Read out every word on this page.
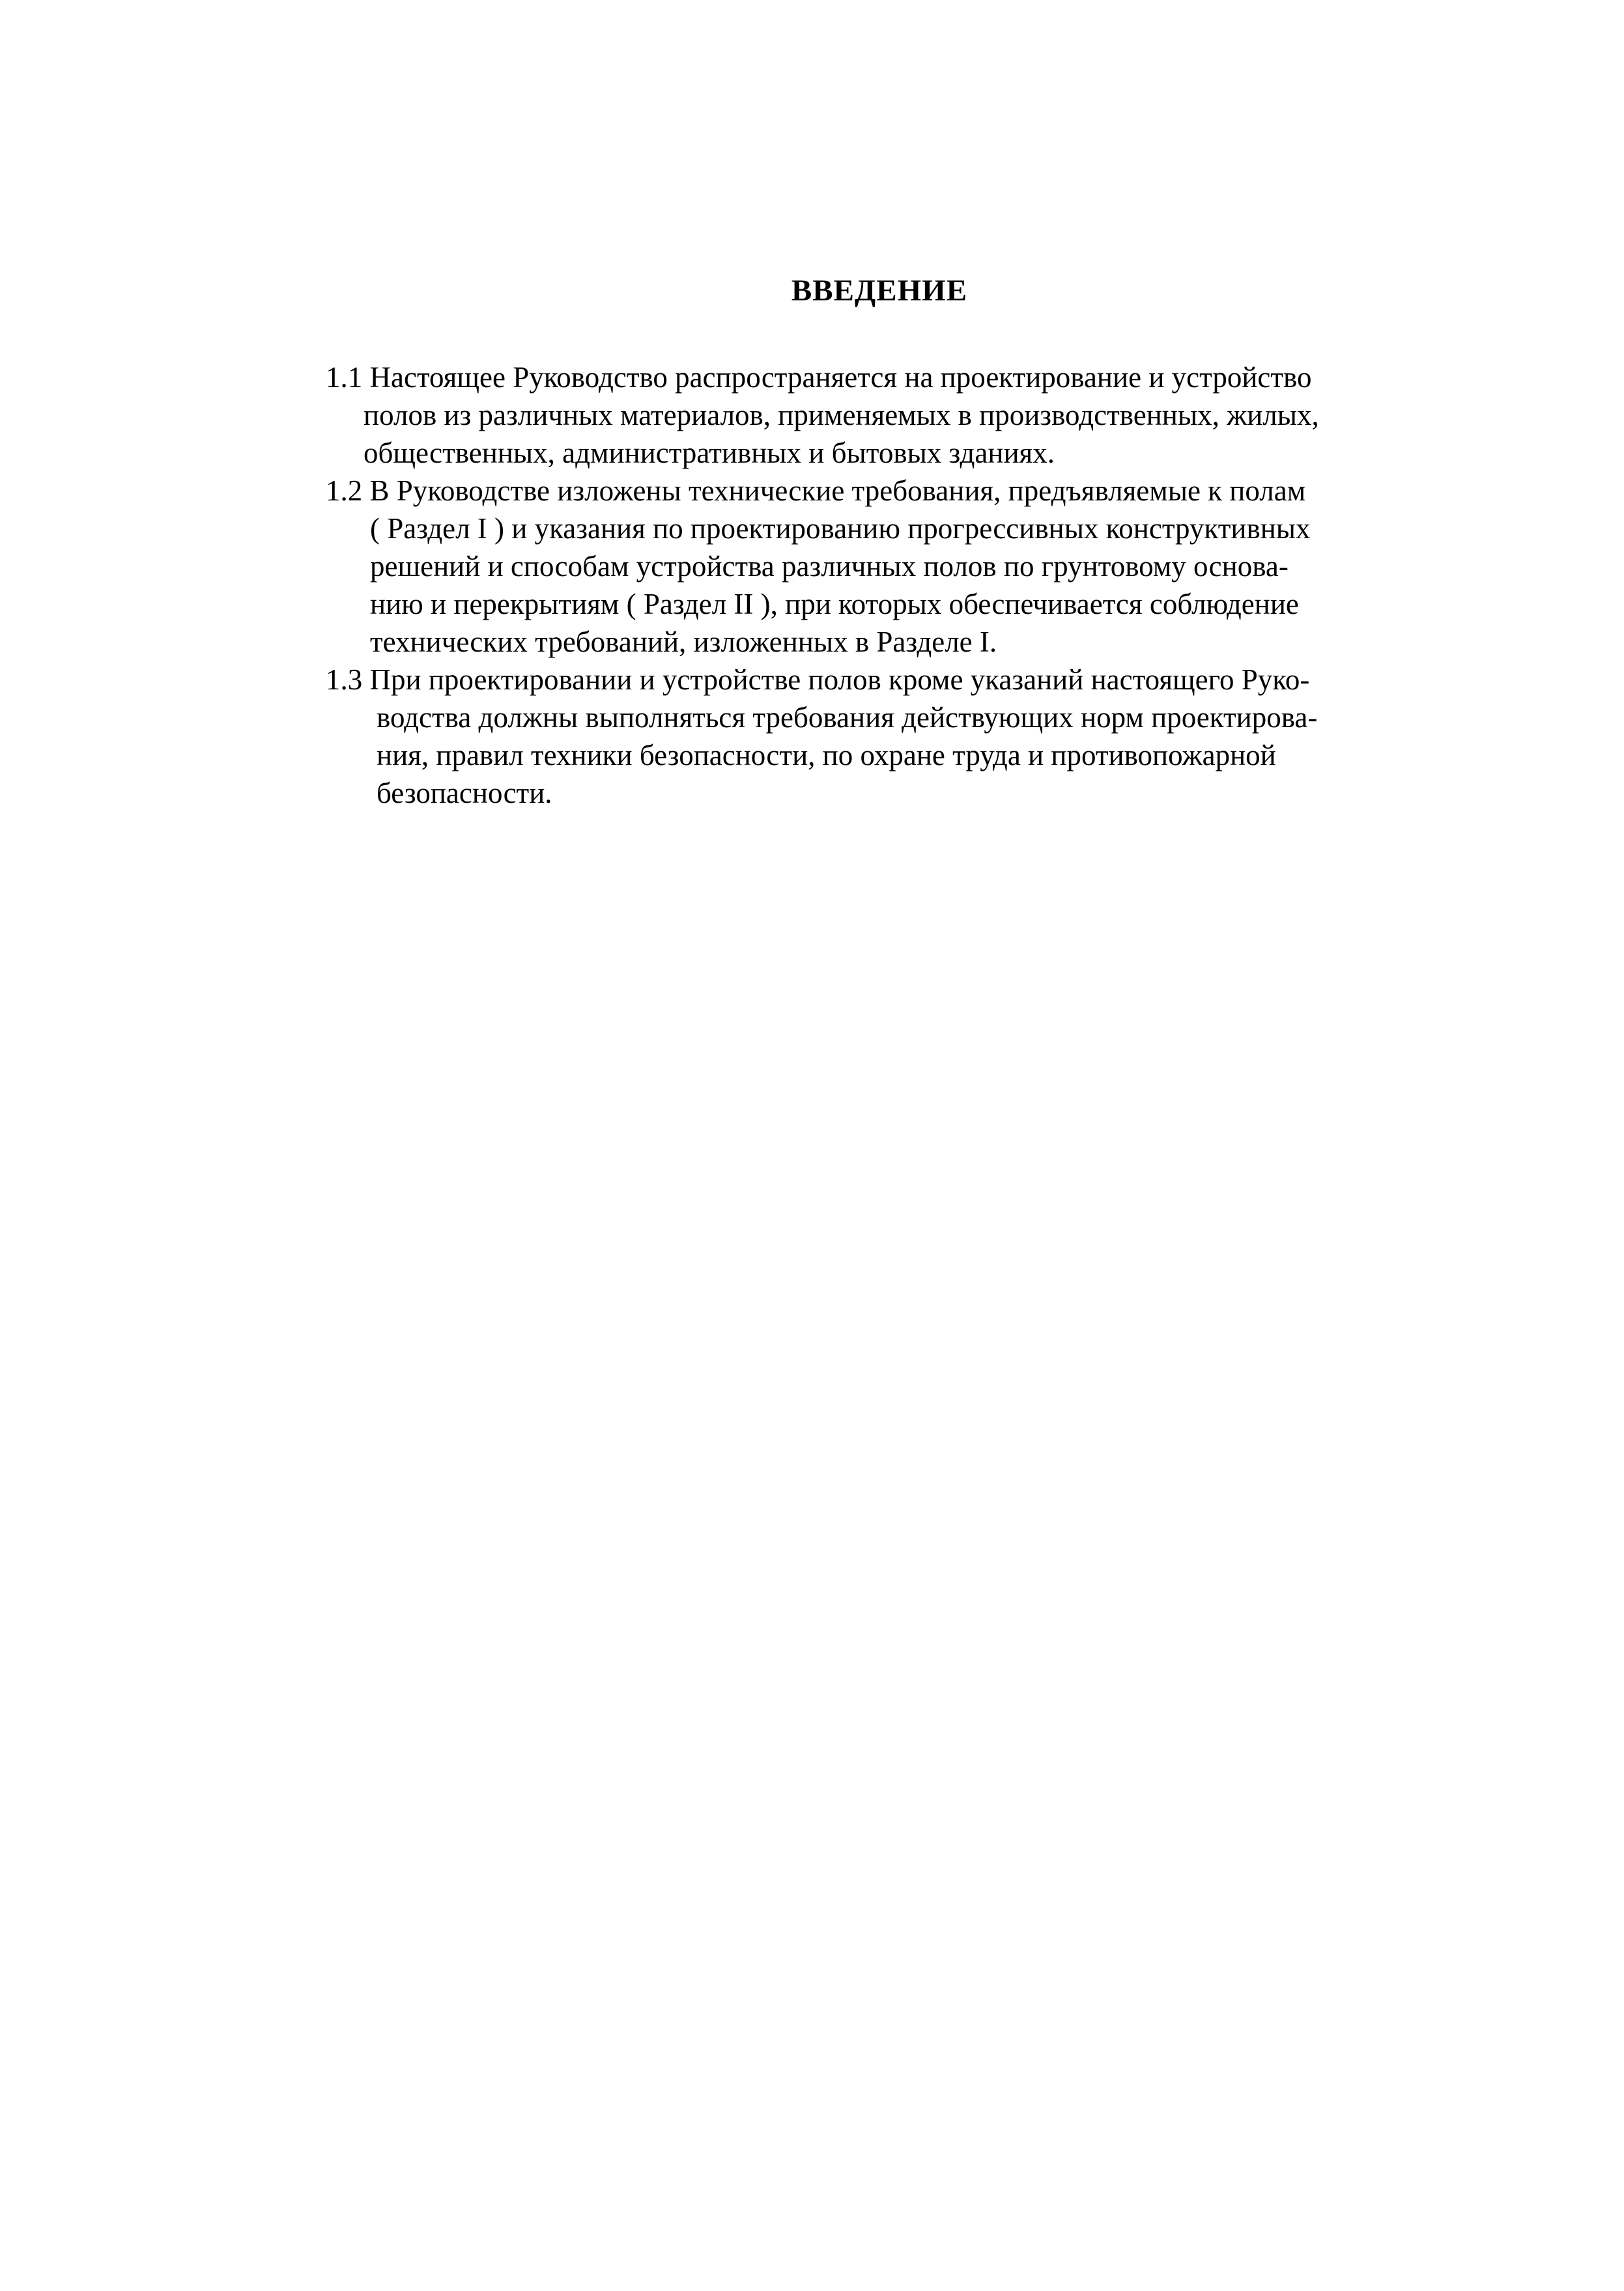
ВВЕДЕНИЕ
1.1 Настоящее Руководство распространяется на проектирование и устройство
полов из различных материалов, применяемых в производственных, жилых,
общественных, административных и бытовых зданиях.
1.2 В Руководстве изложены технические требования, предъявляемые к полам
( Раздел I ) и указания по проектированию прогрессивных конструктивных
решений и способам устройства различных полов по грунтовому основа-
нию и перекрытиям ( Раздел II ), при которых обеспечивается соблюдение
технических требований, изложенных в Разделе I.
1.3 При проектировании и устройстве полов кроме указаний настоящего Руко-
водства должны выполняться требования действующих норм проектирова-
ния, правил техники безопасности, по охране труда и противопожарной
безопасности.
